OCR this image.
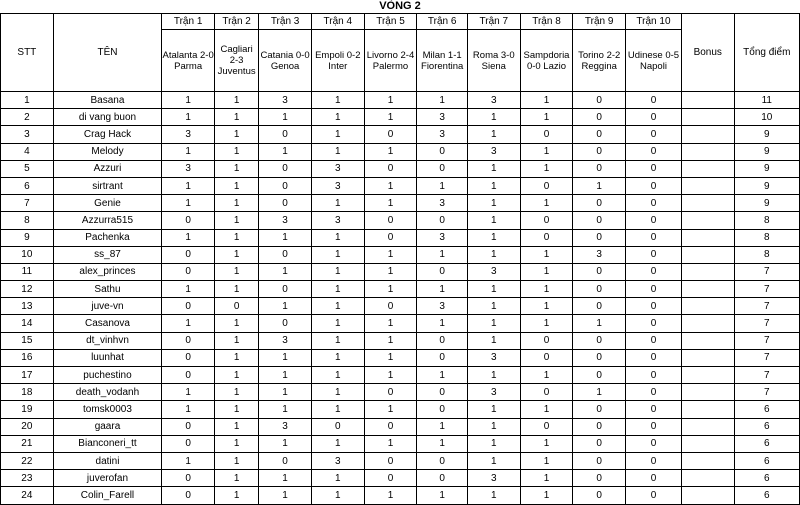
VÒNG 2
STT	TÊN	Trận 1	Trận 2	Trận 3	Trận 4	Trận 5	Trận 6	Trận 7	Trận 8	Trận 9	Trận 10	Bonus	Tổng điểm
		Atalanta 2-0 Parma	Cagliari 2-3 Juventus	Catania 0-0 Genoa	Empoli 0-2 Inter	Livorno 2-4 Palermo	Milan 1-1 Fiorentina	Roma 3-0 Siena	Sampdoria 0-0 Lazio	Torino 2-2 Reggina	Udinese 0-5 Napoli		
1	Basana	1	1	3	1	1	1	3	1	0	0		11
2	di vang buon	1	1	1	1	1	3	1	1	0	0		10
3	Crag Hack	3	1	0	1	0	3	1	0	0	0		9
4	Melody	1	1	1	1	1	0	3	1	0	0		9
5	Azzuri	3	1	0	3	0	0	1	1	0	0		9
6	sirtrant	1	1	0	3	1	1	1	0	1	0		9
7	Genie	1	1	0	1	1	3	1	1	0	0		9
8	Azzurra515	0	1	3	3	0	0	1	0	0	0		8
9	Pachenka	1	1	1	1	0	3	1	0	0	0		8
10	ss_87	0	1	0	1	1	1	1	1	3	0		8
11	alex_princes	0	1	1	1	1	0	3	1	0	0		7
12	Sathu	1	1	0	1	1	1	1	1	0	0		7
13	juve-vn	0	0	1	1	0	3	1	1	0	0		7
14	Casanova	1	1	0	1	1	1	1	1	1	0		7
15	dt_vinhvn	0	1	3	1	1	0	1	0	0	0		7
16	luunhat	0	1	1	1	1	0	3	0	0	0		7
17	puchestino	0	1	1	1	1	1	1	1	0	0		7
18	death_vodanh	1	1	1	1	0	0	3	0	1	0		7
19	tomsk0003	1	1	1	1	1	0	1	1	0	0		6
20	gaara	0	1	3	0	0	1	1	0	0	0		6
21	Bianconeri_tt	0	1	1	1	1	1	1	1	0	0		6
22	datini	1	1	0	3	0	0	1	1	0	0		6
23	juverofan	0	1	1	1	0	0	3	1	0	0		6
24	Colin_Farell	0	1	1	1	1	1	1	1	0	0		6
